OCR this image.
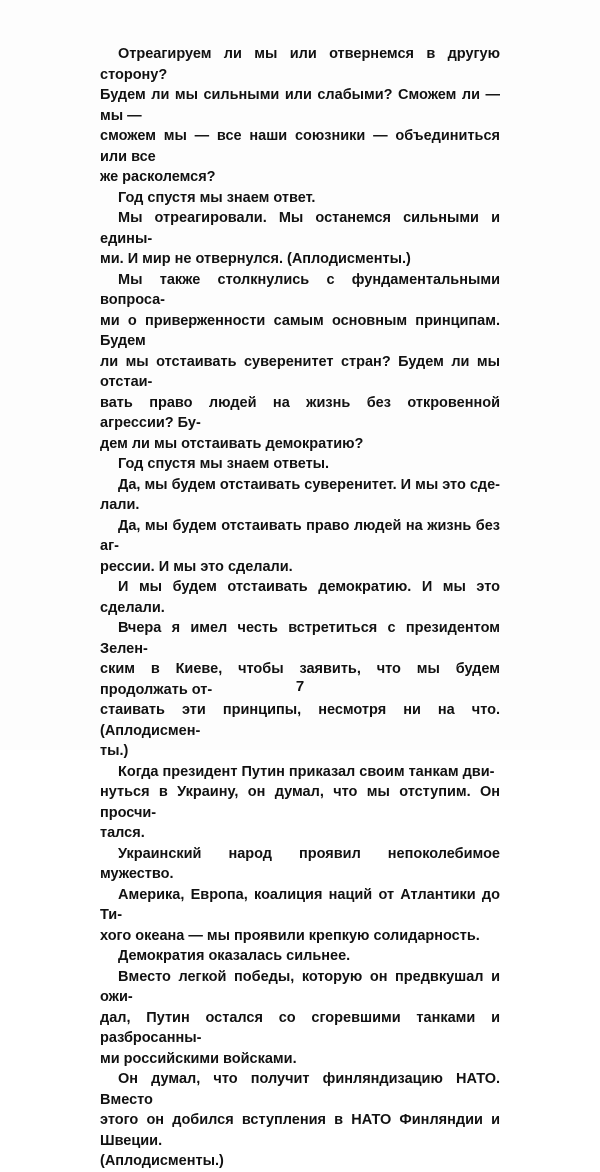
Отреагируем ли мы или отвернемся в другую сторону?
Будем ли мы сильными или слабыми? Сможем ли — мы —
сможем мы — все наши союзники — объединиться или все
же расколемся?

Год спустя мы знаем ответ.

Мы отреагировали. Мы останемся сильными и едины-
ми. И мир не отвернулся. (Аплодисменты.)

Мы также столкнулись с фундаментальными вопроса-
ми о приверженности самым основным принципам. Будем
ли мы отстаивать суверенитет стран? Будем ли мы отстаи-
вать право людей на жизнь без откровенной агрессии? Бу-
дем ли мы отстаивать демократию?

Год спустя мы знаем ответы.

Да, мы будем отстаивать суверенитет. И мы это сде-
лали.

Да, мы будем отстаивать право людей на жизнь без аг-
рессии. И мы это сделали.

И мы будем отстаивать демократию. И мы это сделали.

Вчера я имел честь встретиться с президентом Зелен-
ским в Киеве, чтобы заявить, что мы будем продолжать от-
стаивать эти принципы, несмотря ни на что. (Аплодисмен-
ты.)

Когда президент Путин приказал своим танкам дви-
нуться в Украину, он думал, что мы отступим. Он просчи-
тался.

Украинский народ проявил непоколебимое мужество.

Америка, Европа, коалиция наций от Атлантики до Ти-
хого океана — мы проявили крепкую солидарность.

Демократия оказалась сильнее.

Вместо легкой победы, которую он предвкушал и ожи-
дал, Путин остался со сгоревшими танками и разбросанны-
ми российскими войсками.

Он думал, что получит финляндизацию НАТО. Вместо
этого он добился вступления в НАТО Финляндии и Швеции.
(Аплодисменты.)

7
